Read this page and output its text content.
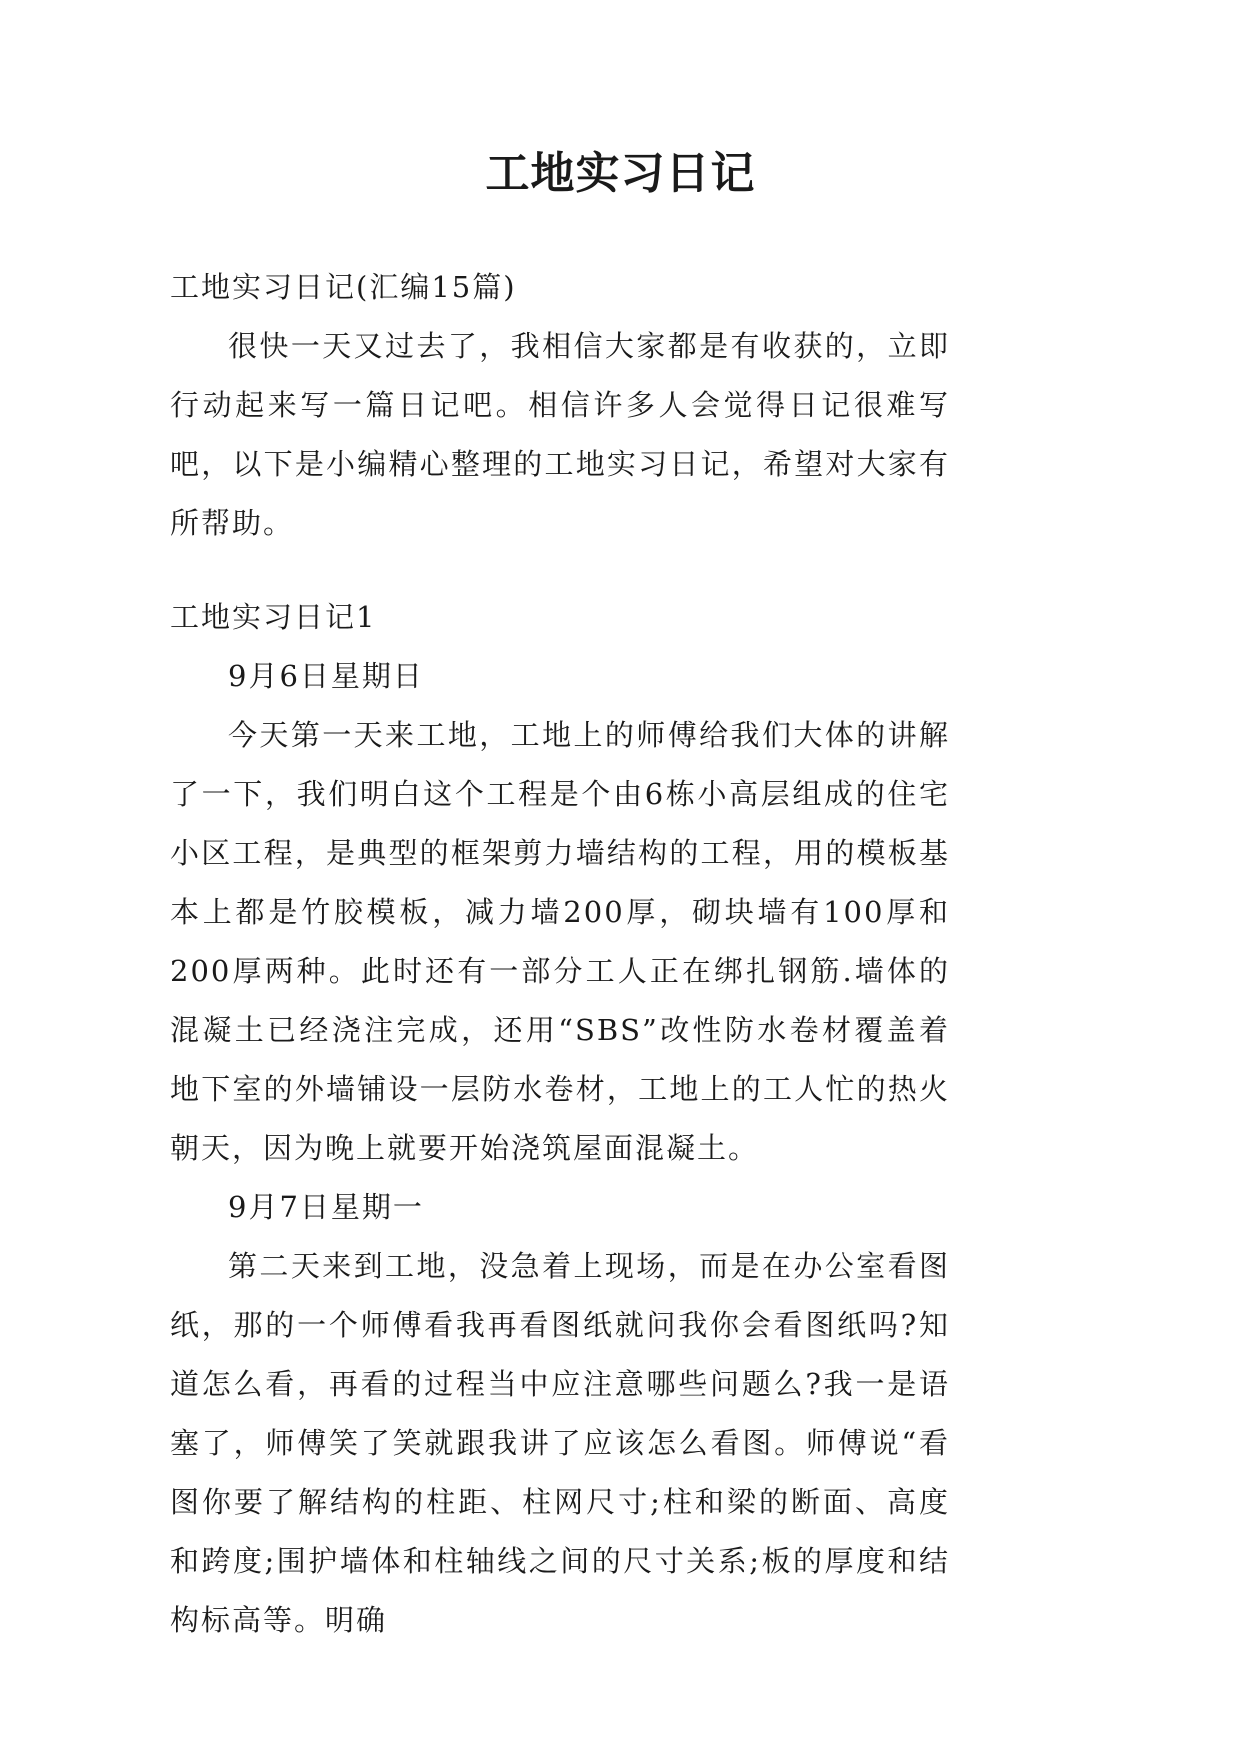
工地实习日记

工地实习日记(汇编15篇)

很快一天又过去了，我相信大家都是有收获的，立即行动起来写一篇日记吧。相信许多人会觉得日记很难写吧，以下是小编精心整理的工地实习日记，希望对大家有所帮助。

工地实习日记1

9月6日星期日

今天第一天来工地，工地上的师傅给我们大体的讲解了一下，我们明白这个工程是个由6栋小高层组成的住宅小区工程，是典型的框架剪力墙结构的工程，用的模板基本上都是竹胶模板，减力墙200厚，砌块墙有100厚和200厚两种。此时还有一部分工人正在绑扎钢筋.墙体的混凝土已经浇注完成，还用“SBS”改性防水卷材覆盖着地下室的外墙铺设一层防水卷材，工地上的工人忙的热火朝天，因为晚上就要开始浇筑屋面混凝土。

9月7日星期一

第二天来到工地，没急着上现场，而是在办公室看图纸，那的一个师傅看我再看图纸就问我你会看图纸吗?知道怎么看，再看的过程当中应注意哪些问题么?我一是语塞了，师傅笑了笑就跟我讲了应该怎么看图。师傅说“看图你要了解结构的柱距、柱网尺寸;柱和梁的断面、高度和跨度;围护墙体和柱轴线之间的尺寸关系;板的厚度和结构标高等。明确
